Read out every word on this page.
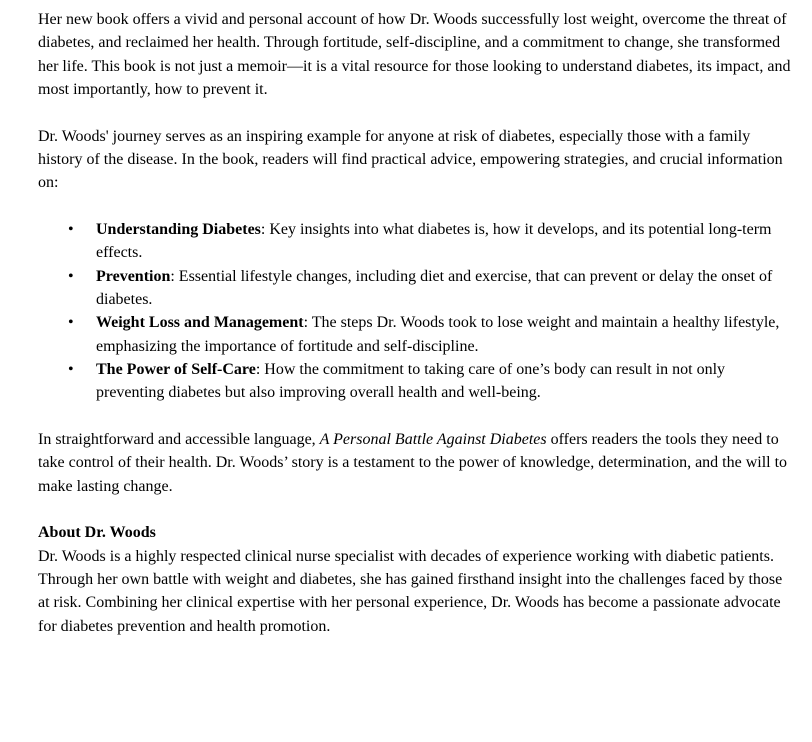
Her new book offers a vivid and personal account of how Dr. Woods successfully lost weight, overcome the threat of diabetes, and reclaimed her health. Through fortitude, self-discipline, and a commitment to change, she transformed her life. This book is not just a memoir—it is a vital resource for those looking to understand diabetes, its impact, and most importantly, how to prevent it.

Dr. Woods' journey serves as an inspiring example for anyone at risk of diabetes, especially those with a family history of the disease. In the book, readers will find practical advice, empowering strategies, and crucial information on:

• Understanding Diabetes: Key insights into what diabetes is, how it develops, and its potential long-term effects.
• Prevention: Essential lifestyle changes, including diet and exercise, that can prevent or delay the onset of diabetes.
• Weight Loss and Management: The steps Dr. Woods took to lose weight and maintain a healthy lifestyle, emphasizing the importance of fortitude and self-discipline.
• The Power of Self-Care: How the commitment to taking care of one’s body can result in not only preventing diabetes but also improving overall health and well-being.

In straightforward and accessible language, A Personal Battle Against Diabetes offers readers the tools they need to take control of their health. Dr. Woods’ story is a testament to the power of knowledge, determination, and the will to make lasting change.

About Dr. Woods

Dr. Woods is a highly respected clinical nurse specialist with decades of experience working with diabetic patients. Through her own battle with weight and diabetes, she has gained firsthand insight into the challenges faced by those at risk. Combining her clinical expertise with her personal experience, Dr. Woods has become a passionate advocate for diabetes prevention and health promotion.
